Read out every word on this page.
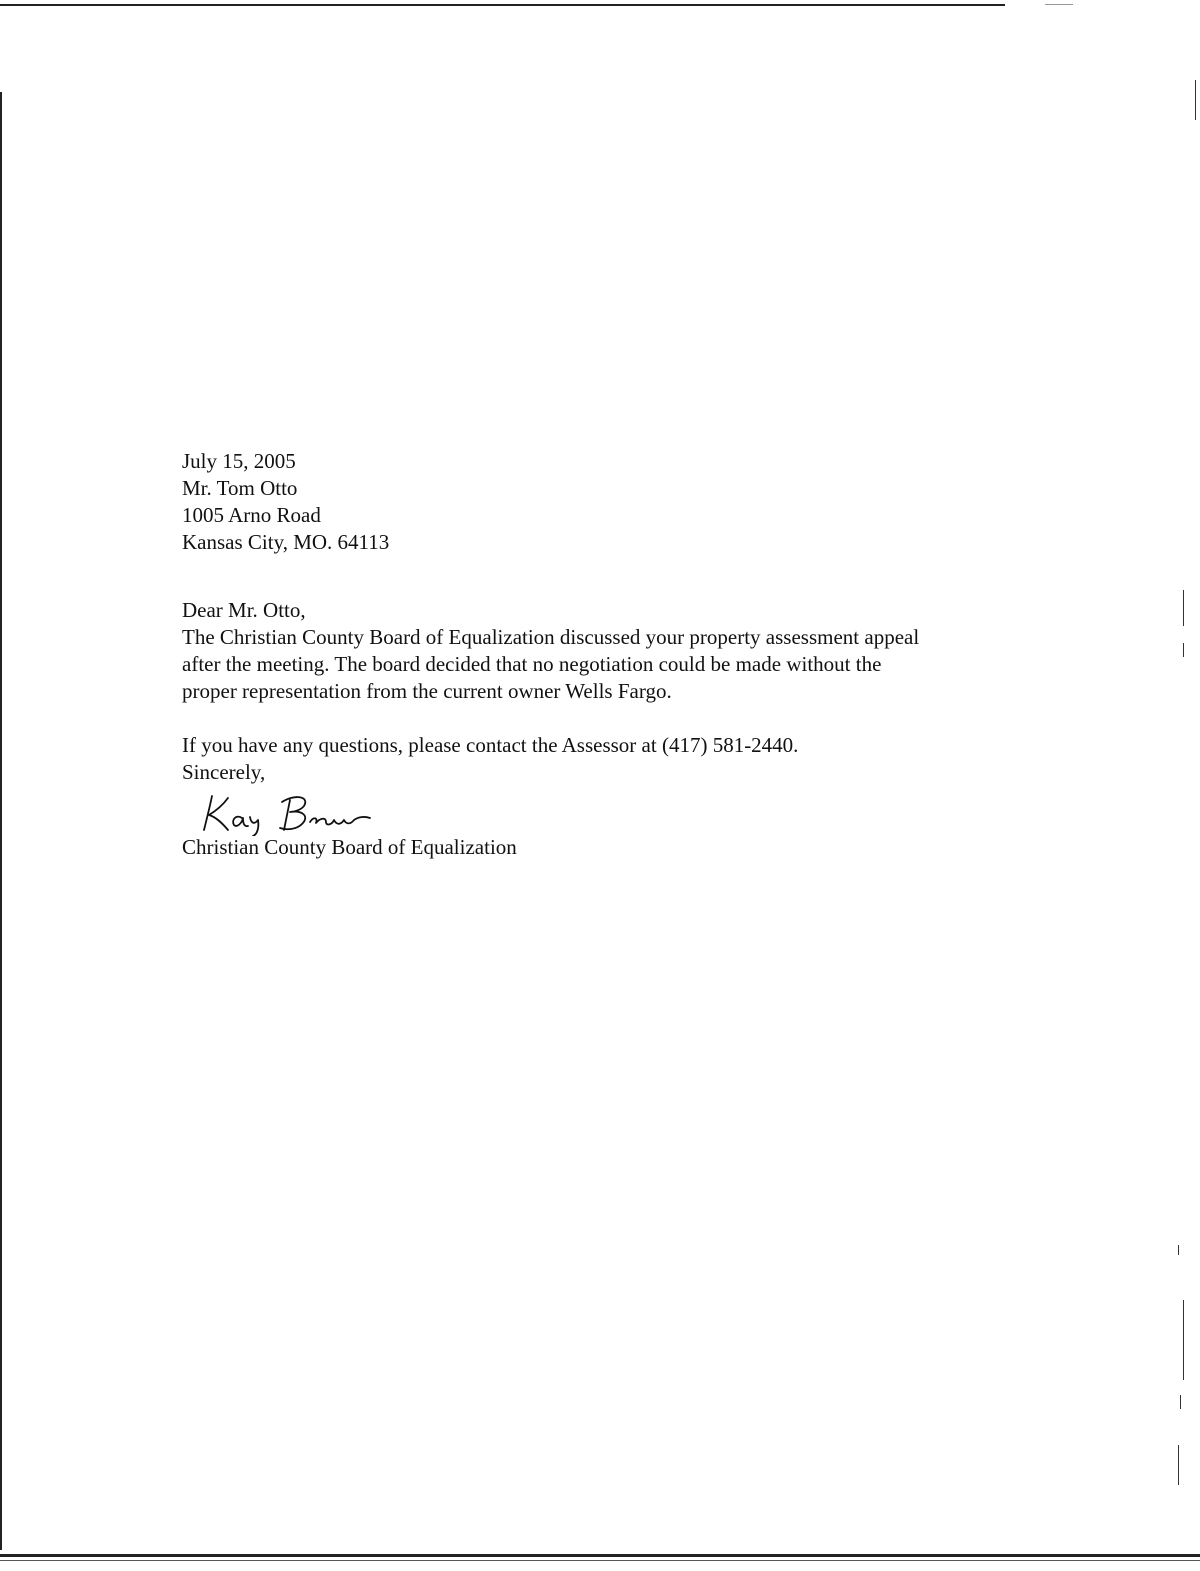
July 15, 2005

Mr. Tom Otto

1005 Arno Road

Kansas City, MO. 64113

Dear Mr. Otto,

The Christian County Board of Equalization discussed your property assessment appeal

after the meeting. The board decided that no negotiation could be made without the

proper representation from the current owner Wells Fargo.

If you have any questions, please contact the Assessor at (417) 581-2440.

Sincerely,

Christian County Board of Equalization
